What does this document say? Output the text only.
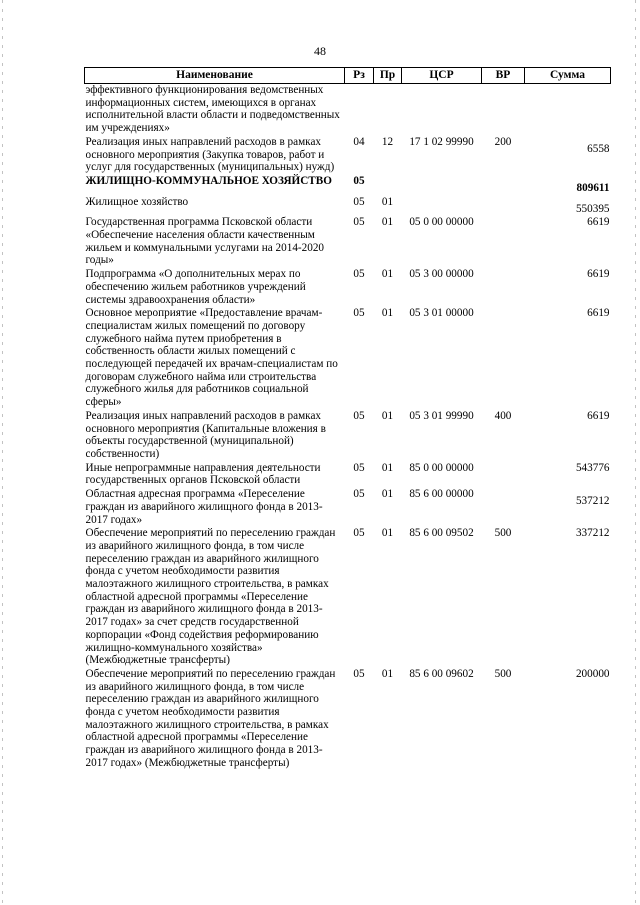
48
Наименование	Рз	Пр	ЦСР	ВР	Сумма
эффективного функционирования ведомственных информационных систем, имеющихся в органах исполнительной власти области и подведомственных им учреждениях»					
Реализация иных направлений расходов в рамках основного мероприятия (Закупка товаров, работ и услуг для государственных (муниципальных) нужд)	04	12	17 1 02 99990	200	6558
ЖИЛИЩНО-КОММУНАЛЬНОЕ ХОЗЯЙСТВО	05				809611
Жилищное хозяйство	05	01			550395
Государственная программа Псковской области «Обеспечение населения области качественным жильем и коммунальными услугами на 2014-2020 годы»	05	01	05 0 00 00000		6619
Подпрограмма «О дополнительных мерах по обеспечению жильем работников учреждений системы здравоохранения области»	05	01	05 3 00 00000		6619
Основное мероприятие «Предоставление врачам-специалистам жилых помещений по договору служебного найма путем приобретения в собственность области жилых помещений с последующей передачей их врачам-специалистам по договорам служебного найма или строительства служебного жилья для работников социальной сферы»	05	01	05 3 01 00000		6619
Реализация иных направлений расходов в рамках основного мероприятия (Капитальные вложения в объекты государственной (муниципальной) собственности)	05	01	05 3 01 99990	400	6619
Иные непрограммные направления деятельности государственных органов Псковской области	05	01	85 0 00 00000		543776
Областная адресная программа «Переселение граждан из аварийного жилищного фонда в 2013-2017 годах»	05	01	85 6 00 00000		537212
Обеспечение мероприятий по переселению граждан из аварийного жилищного фонда, в том числе переселению граждан из аварийного жилищного фонда с учетом необходимости развития малоэтажного жилищного строительства, в рамках областной адресной программы «Переселение граждан из аварийного жилищного фонда в 2013-2017 годах» за счет средств государственной корпорации «Фонд содействия реформированию жилищно-коммунального хозяйства» (Межбюджетные трансферты)	05	01	85 6 00 09502	500	337212
Обеспечение мероприятий по переселению граждан из аварийного жилищного фонда, в том числе переселению граждан из аварийного жилищного фонда с учетом необходимости развития малоэтажного жилищного строительства, в рамках областной адресной программы «Переселение граждан из аварийного жилищного фонда в 2013-2017 годах» (Межбюджетные трансферты)	05	01	85 6 00 09602	500	200000
